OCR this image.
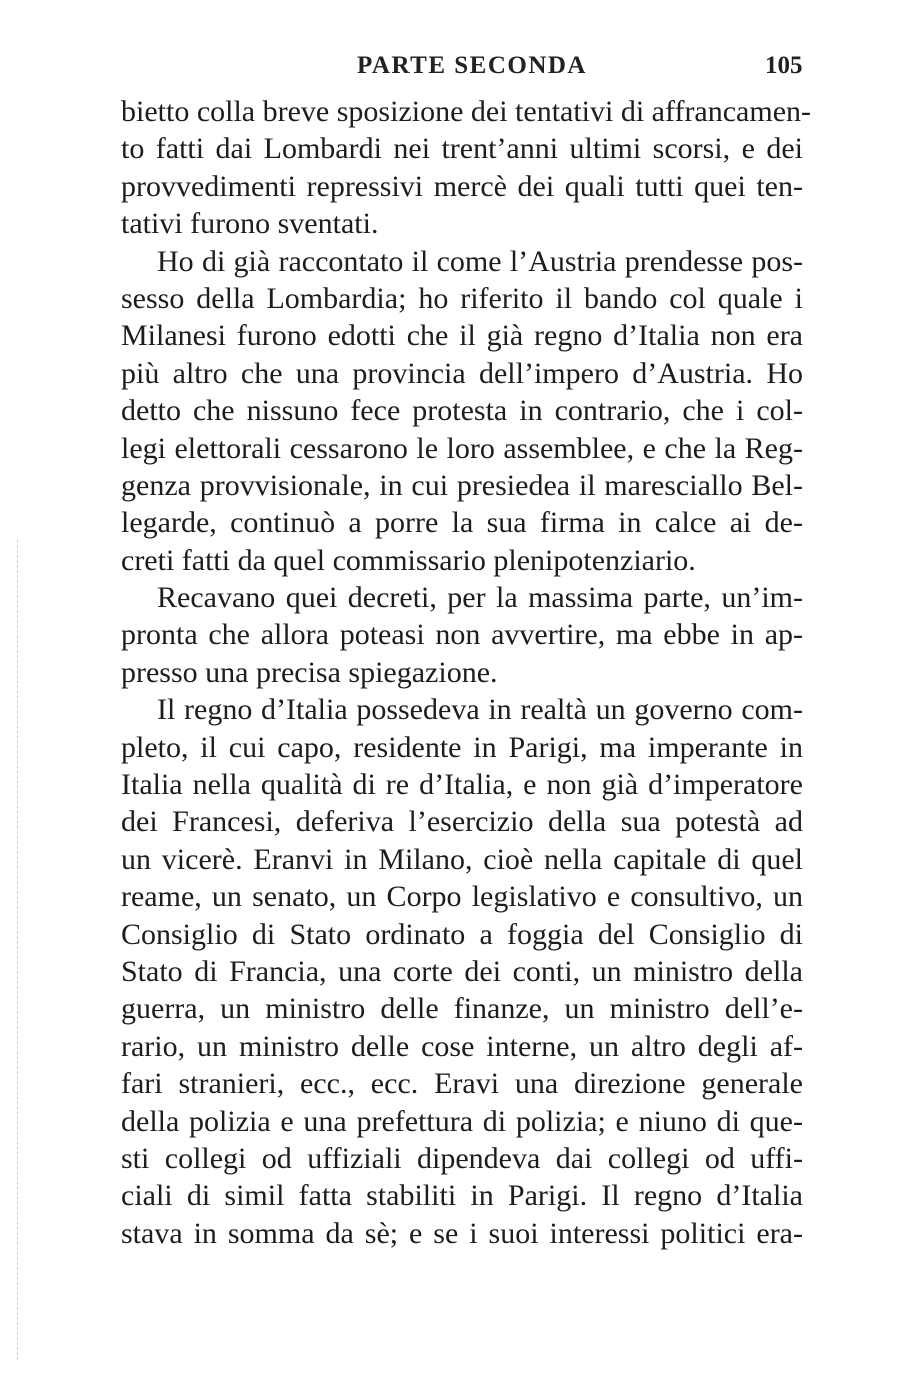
PARTE SECONDA	105
bietto colla breve sposizione dei tentativi di affrancamen-
to fatti dai Lombardi nei trent’anni ultimi scorsi, e dei
provvedimenti repressivi mercè dei quali tutti quei ten-
tativi furono sventati.
Ho di già raccontato il come l’Austria prendesse pos-
sesso della Lombardia; ho riferito il bando col quale i
Milanesi furono edotti che il già regno d’Italia non era
più altro che una provincia dell’impero d’Austria. Ho
detto che nissuno fece protesta in contrario, che i col-
legi elettorali cessarono le loro assemblee, e che la Reg-
genza provvisionale, in cui presiedea il maresciallo Bel-
legarde, continuò a porre la sua firma in calce ai de-
creti fatti da quel commissario plenipotenziario.
Recavano quei decreti, per la massima parte, un’im-
pronta che allora poteasi non avvertire, ma ebbe in ap-
presso una precisa spiegazione.
Il regno d’Italia possedeva in realtà un governo com-
pleto, il cui capo, residente in Parigi, ma imperante in
Italia nella qualità di re d’Italia, e non già d’imperatore
dei Francesi, deferiva l’esercizio della sua potestà ad
un vicerè. Eranvi in Milano, cioè nella capitale di quel
reame, un senato, un Corpo legislativo e consultivo, un
Consiglio di Stato ordinato a foggia del Consiglio di
Stato di Francia, una corte dei conti, un ministro della
guerra, un ministro delle finanze, un ministro dell’e-
rario, un ministro delle cose interne, un altro degli af-
fari stranieri, ecc., ecc. Eravi una direzione generale
della polizia e una prefettura di polizia; e niuno di que-
sti collegi od uffiziali dipendeva dai collegi od uffi-
ciali di simil fatta stabiliti in Parigi. Il regno d’Italia
stava in somma da sè; e se i suoi interessi politici era-
